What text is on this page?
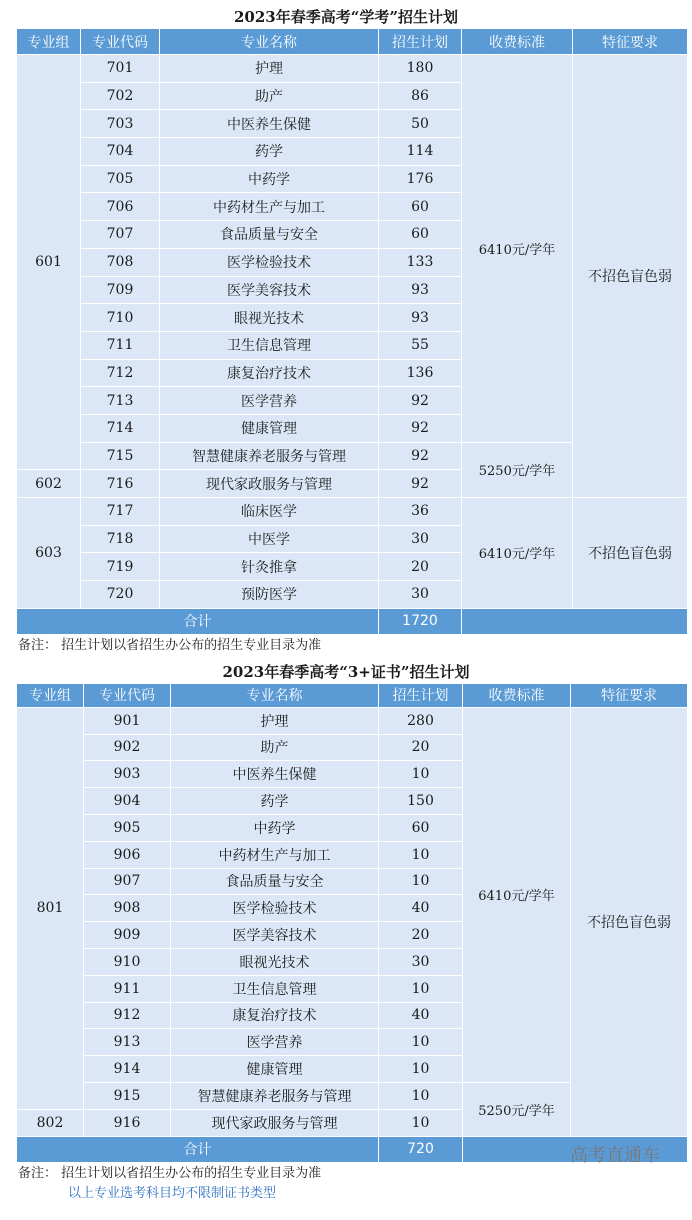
2023年春季高考“学考”招生计划
专业组	专业代码	专业名称	招生计划	收费标准	特征要求
601	701	护理	180	6410元/学年	不招色盲色弱
	702	助产	86		
	703	中医养生保健	50		
	704	药学	114		
	705	中药学	176		
	706	中药材生产与加工	60		
	707	食品质量与安全	60		
	708	医学检验技术	133		
	709	医学美容技术	93		
	710	眼视光技术	93		
	711	卫生信息管理	55		
	712	康复治疗技术	136		
	713	医学营养	92		
	714	健康管理	92		
	715	智慧健康养老服务与管理	92	5250元/学年	
602	716	现代家政服务与管理	92		
603	717	临床医学	36	6410元/学年	不招色盲色弱
	718	中医学	30		
	719	针灸推拿	20		
	720	预防医学	30		
合计			1720		
备注： 招生计划以省招生办公布的招生专业目录为准
2023年春季高考“3+证书”招生计划
专业组	专业代码	专业名称	招生计划	收费标准	特征要求
801	901	护理	280	6410元/学年	不招色盲色弱
	902	助产	20		
	903	中医养生保健	10		
	904	药学	150		
	905	中药学	60		
	906	中药材生产与加工	10		
	907	食品质量与安全	10		
	908	医学检验技术	40		
	909	医学美容技术	20		
	910	眼视光技术	30		
	911	卫生信息管理	10		
	912	康复治疗技术	40		
	913	医学营养	10		
	914	健康管理	10		
	915	智慧健康养老服务与管理	10	5250元/学年	
802	916	现代家政服务与管理	10		
合计			720		
备注： 招生计划以省招生办公布的招生专业目录为准
以上专业选考科目均不限制证书类型
高考直通车
